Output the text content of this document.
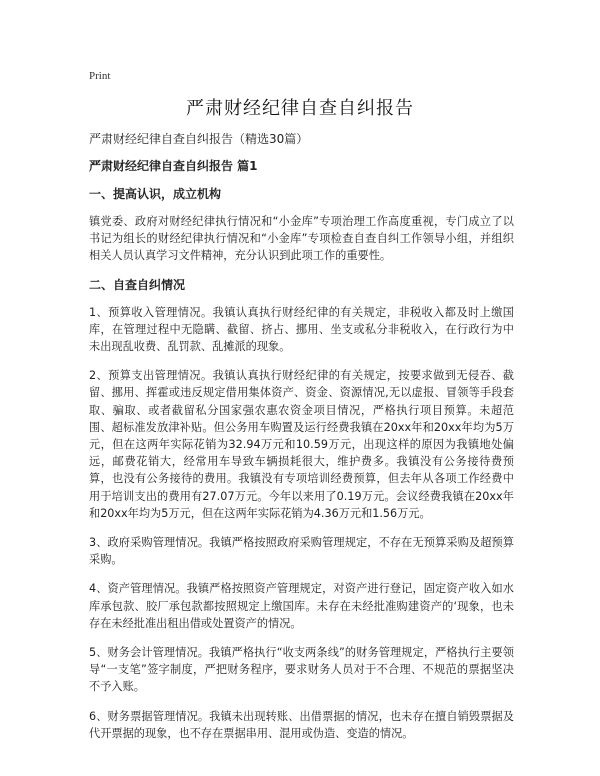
Print
严肃财经纪律自查自纠报告

严肃财经纪律自查自纠报告（精选30篇）

严肃财经纪律自查自纠报告 篇1

一、提高认识，成立机构

镇党委、政府对财经纪律执行情况和“小金库”专项治理工作高度重视，专门成立了以书记为组长的财经纪律执行情况和“小金库”专项检查自查自纠工作领导小组，并组织相关人员认真学习文件精神，充分认识到此项工作的重要性。

二、自查自纠情况

1、预算收入管理情况。我镇认真执行财经纪律的有关规定，非税收入都及时上缴国库，在管理过程中无隐瞒、截留、挤占、挪用、坐支或私分非税收入，在行政行为中未出现乱收费、乱罚款、乱摊派的现象。

2、预算支出管理情况。我镇认真执行财经纪律的有关规定，按要求做到无侵吞、截留、挪用、挥霍或违反规定借用集体资产、资金、资源情况,无以虚报、冒领等手段套取、骗取、或者截留私分国家强农惠农资金项目情况，严格执行项目预算。未超范围、超标准发放津补贴。但公务用车购置及运行经费我镇在20xx年和20xx年均为5万元，但在这两年实际花销为32.94万元和10.59万元，出现这样的原因为我镇地处偏远，邮费花销大，经常用车导致车辆损耗很大，维护费多。我镇没有公务接待费预算，也没有公务接待的费用。我镇没有专项培训经费预算，但去年从各项工作经费中用于培训支出的费用有27.07万元。今年以来用了0.19万元。会议经费我镇在20xx年和20xx年均为5万元，但在这两年实际花销为4.36万元和1.56万元。

3、政府采购管理情况。我镇严格按照政府采购管理规定，不存在无预算采购及超预算采购。

4、资产管理情况。我镇严格按照资产管理规定，对资产进行登记，固定资产收入如水库承包款、胶厂承包款都按照规定上缴国库。未存在未经批准购建资产的‘现象，也未存在未经批准出租出借或处置资产的情况。

5、财务会计管理情况。我镇严格执行“收支两条线”的财务管理规定，严格执行主要领导“一支笔”签字制度，严把财务程序，要求财务人员对于不合理、不规范的票据坚决不予入账。

6、财务票据管理情况。我镇未出现转账、出借票据的情况，也未存在擅自销毁票据及代开票据的现象，也不存在票据串用、混用或伪造、变造的情况。
